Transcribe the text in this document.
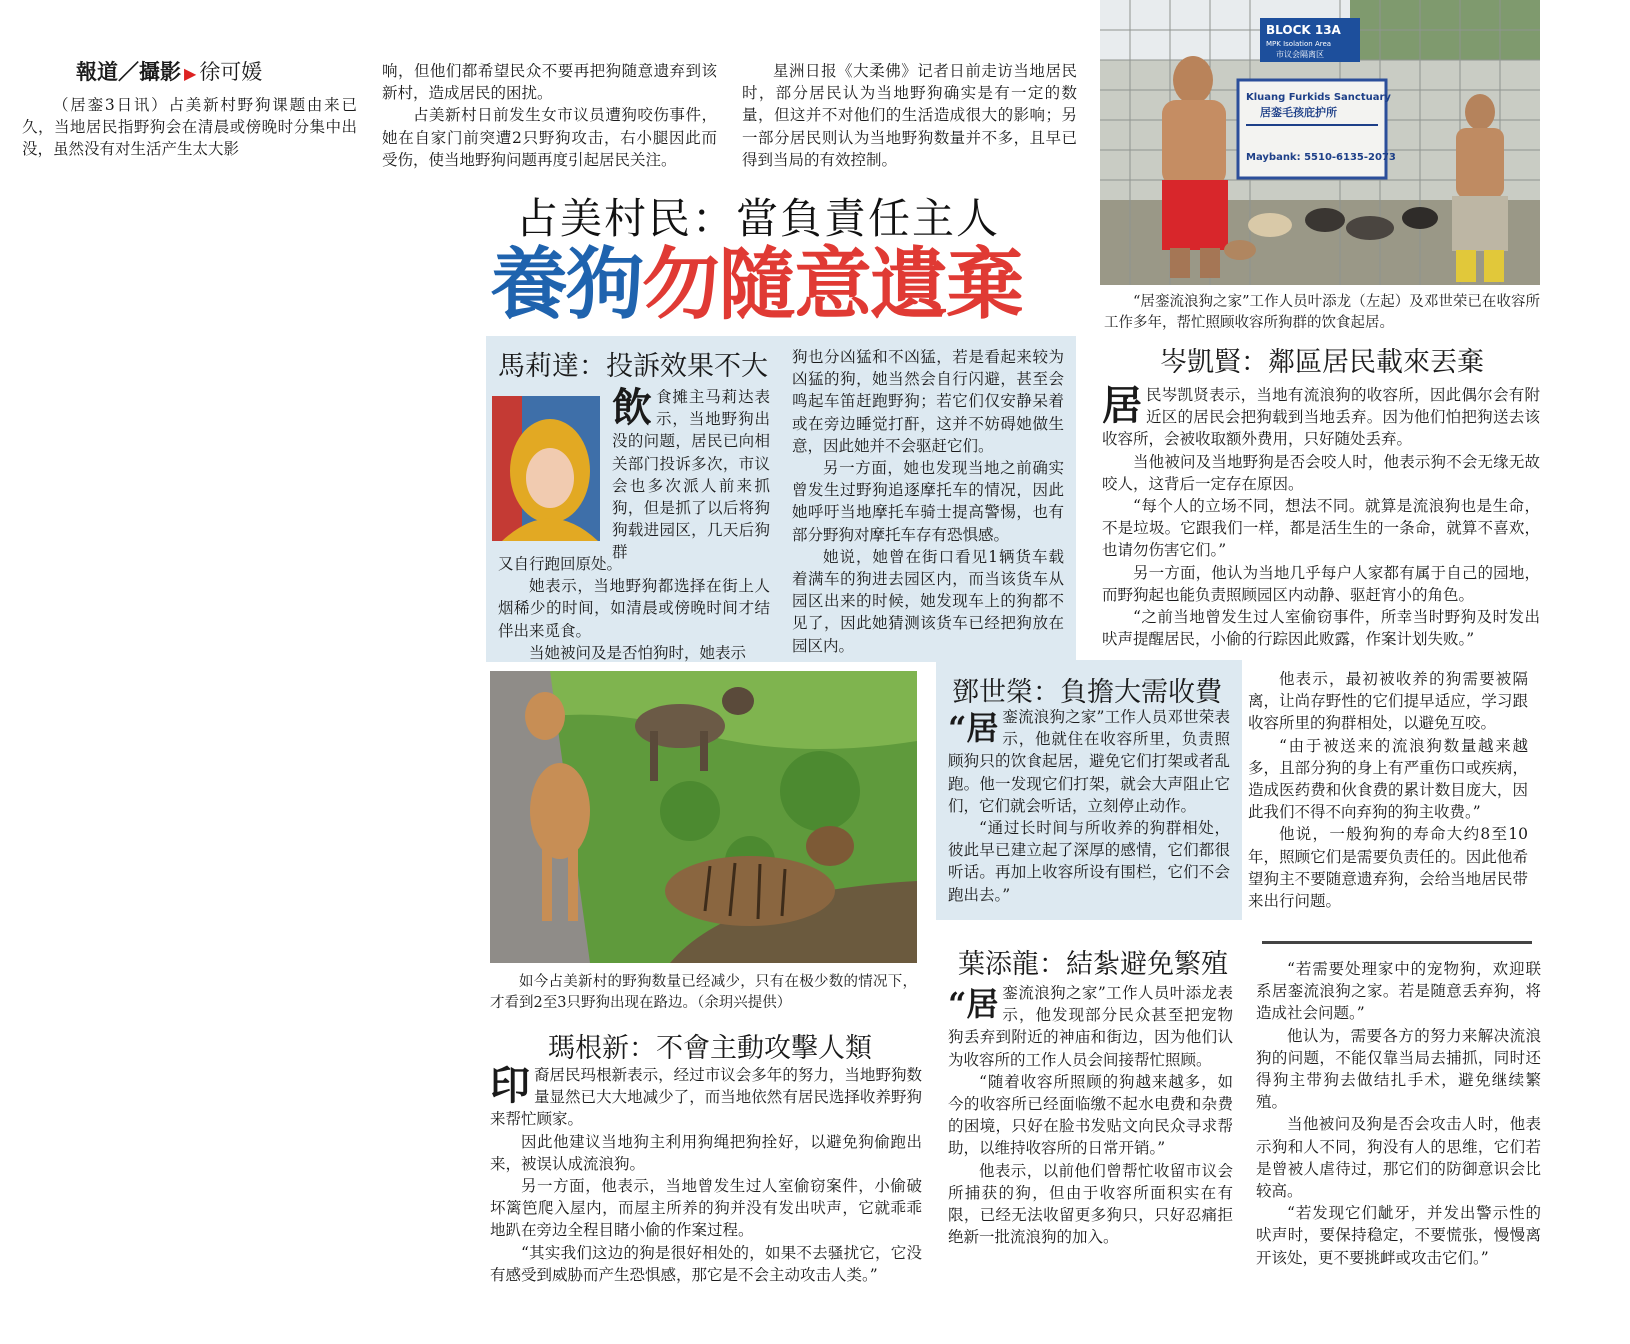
報道／攝影 ▶ 徐可媛

（居銮3日讯）占美新村野狗课题由来已久，当地居民指野狗会在清晨或傍晚时分集中出没，虽然没有对生活产生太大影

响，但他们都希望民众不要再把狗随意遗弃到该新村，造成居民的困扰。

占美新村日前发生女市议员遭狗咬伤事件，她在自家门前突遭2只野狗攻击，右小腿因此而受伤，使当地野狗问题再度引起居民关注。

星洲日报《大柔佛》记者日前走访当地居民时，部分居民认为当地野狗确实是有一定的数量，但这并不对他们的生活造成很大的影响；另一部分居民则认为当地野狗数量并不多，且早已得到当局的有效控制。

占美村民：當負責任主人
養狗勿隨意遺棄
BLOCK 13A
MPK Isolation Area
市议会隔离区
Kluang Furkids Sanctuary
居銮毛孩庇护所
Maybank: 5510-6135-2073
“居銮流浪狗之家”工作人员叶添龙（左起）及邓世荣已在收容所工作多年，帮忙照顾收容所狗群的饮食起居。
馬莉達：投訴效果不大
飲食摊主马莉达表示，当地野狗出没的问题，居民已向相关部门投诉多次，市议会也多次派人前来抓狗，但是抓了以后将狗狗载进园区，几天后狗群

又自行跑回原处。

她表示，当地野狗都选择在街上人烟稀少的时间，如清晨或傍晚时间才结伴出来觅食。

当她被问及是否怕狗时，她表示

狗也分凶猛和不凶猛，若是看起来较为凶猛的狗，她当然会自行闪避，甚至会鸣起车笛赶跑野狗；若它们仅安静呆着或在旁边睡觉打酐，这并不妨碍她做生意，因此她并不会驱赶它们。

另一方面，她也发现当地之前确实曾发生过野狗追逐摩托车的情况，因此她呼吁当地摩托车骑士提高警惕，也有部分野狗对摩托车存有恐惧感。

她说，她曾在街口看见1辆货车载着满车的狗进去园区内，而当该货车从园区出来的时候，她发现车上的狗都不见了，因此她猜测该货车已经把狗放在园区内。

岑凱賢：鄰區居民載來丟棄
居民岑凯贤表示，当地有流浪狗的收容所，因此偶尔会有附近区的居民会把狗载到当地丢弃。因为他们怕把狗送去该收容所，会被收取额外费用，只好随处丢弃。

当他被问及当地野狗是否会咬人时，他表示狗不会无缘无故咬人，这背后一定存在原因。

“每个人的立场不同，想法不同。就算是流浪狗也是生命，不是垃圾。它跟我们一样，都是活生生的一条命，就算不喜欢，也请勿伤害它们。”

另一方面，他认为当地几乎每户人家都有属于自己的园地，而野狗起也能负责照顾园区内动静、驱赶宵小的角色。

“之前当地曾发生过人室偷窃事件，所幸当时野狗及时发出吠声提醒居民，小偷的行踪因此败露，作案计划失败。”

如今占美新村的野狗数量已经减少，只有在极少数的情况下，才看到2至3只野狗出现在路边。（余玥兴提供）
瑪根新：不會主動攻擊人類
印裔居民玛根新表示，经过市议会多年的努力，当地野狗数量显然已大大地减少了，而当地依然有居民选择收养野狗来帮忙顾家。

因此他建议当地狗主利用狗绳把狗拴好，以避免狗偷跑出来，被误认成流浪狗。

另一方面，他表示，当地曾发生过人室偷窃案件，小偷破坏篱笆爬入屋内，而屋主所养的狗并没有发出吠声，它就乖乖地趴在旁边全程目睹小偷的作案过程。

“其实我们这边的狗是很好相处的，如果不去骚扰它，它没有感受到威胁而产生恐惧感，那它是不会主动攻击人类。”

鄧世榮：負擔大需收費
“居銮流浪狗之家”工作人员邓世荣表示，他就住在收容所里，负责照顾狗只的饮食起居，避免它们打架或者乱跑。他一发现它们打架，就会大声阻止它们，它们就会听话，立刻停止动作。

“通过长时间与所收养的狗群相处，彼此早已建立起了深厚的感情，它们都很听话。再加上收容所设有围栏，它们不会跑出去。”

他表示，最初被收养的狗需要被隔离，让尚存野性的它们提早适应，学习跟收容所里的狗群相处，以避免互咬。

“由于被送来的流浪狗数量越来越多，且部分狗的身上有严重伤口或疾病，造成医药费和伙食费的累计数目庞大，因此我们不得不向弃狗的狗主收费。”

他说，一般狗狗的寿命大约8至10年，照顾它们是需要负责任的。因此他希望狗主不要随意遗弃狗，会给当地居民带来出行问题。

葉添龍：結紮避免繁殖
“居銮流浪狗之家”工作人员叶添龙表示，他发现部分民众甚至把宠物狗丢弃到附近的神庙和街边，因为他们认为收容所的工作人员会间接帮忙照顾。

“随着收容所照顾的狗越来越多，如今的收容所已经面临缴不起水电费和杂费的困境，只好在脸书发贴文向民众寻求帮助，以维持收容所的日常开销。”

他表示，以前他们曾帮忙收留市议会所捕获的狗，但由于收容所面积实在有限，已经无法收留更多狗只，只好忍痛拒绝新一批流浪狗的加入。

“若需要处理家中的宠物狗，欢迎联系居銮流浪狗之家。若是随意丢弃狗，将造成社会问题。”

他认为，需要各方的努力来解决流浪狗的问题，不能仅靠当局去捕抓，同时还得狗主带狗去做结扎手术，避免继续繁殖。

当他被问及狗是否会攻击人时，他表示狗和人不同，狗没有人的思维，它们若是曾被人虐待过，那它们的防御意识会比较高。

“若发现它们龇牙，并发出警示性的吠声时，要保持稳定，不要慌张，慢慢离开该处，更不要挑衅或攻击它们。”
